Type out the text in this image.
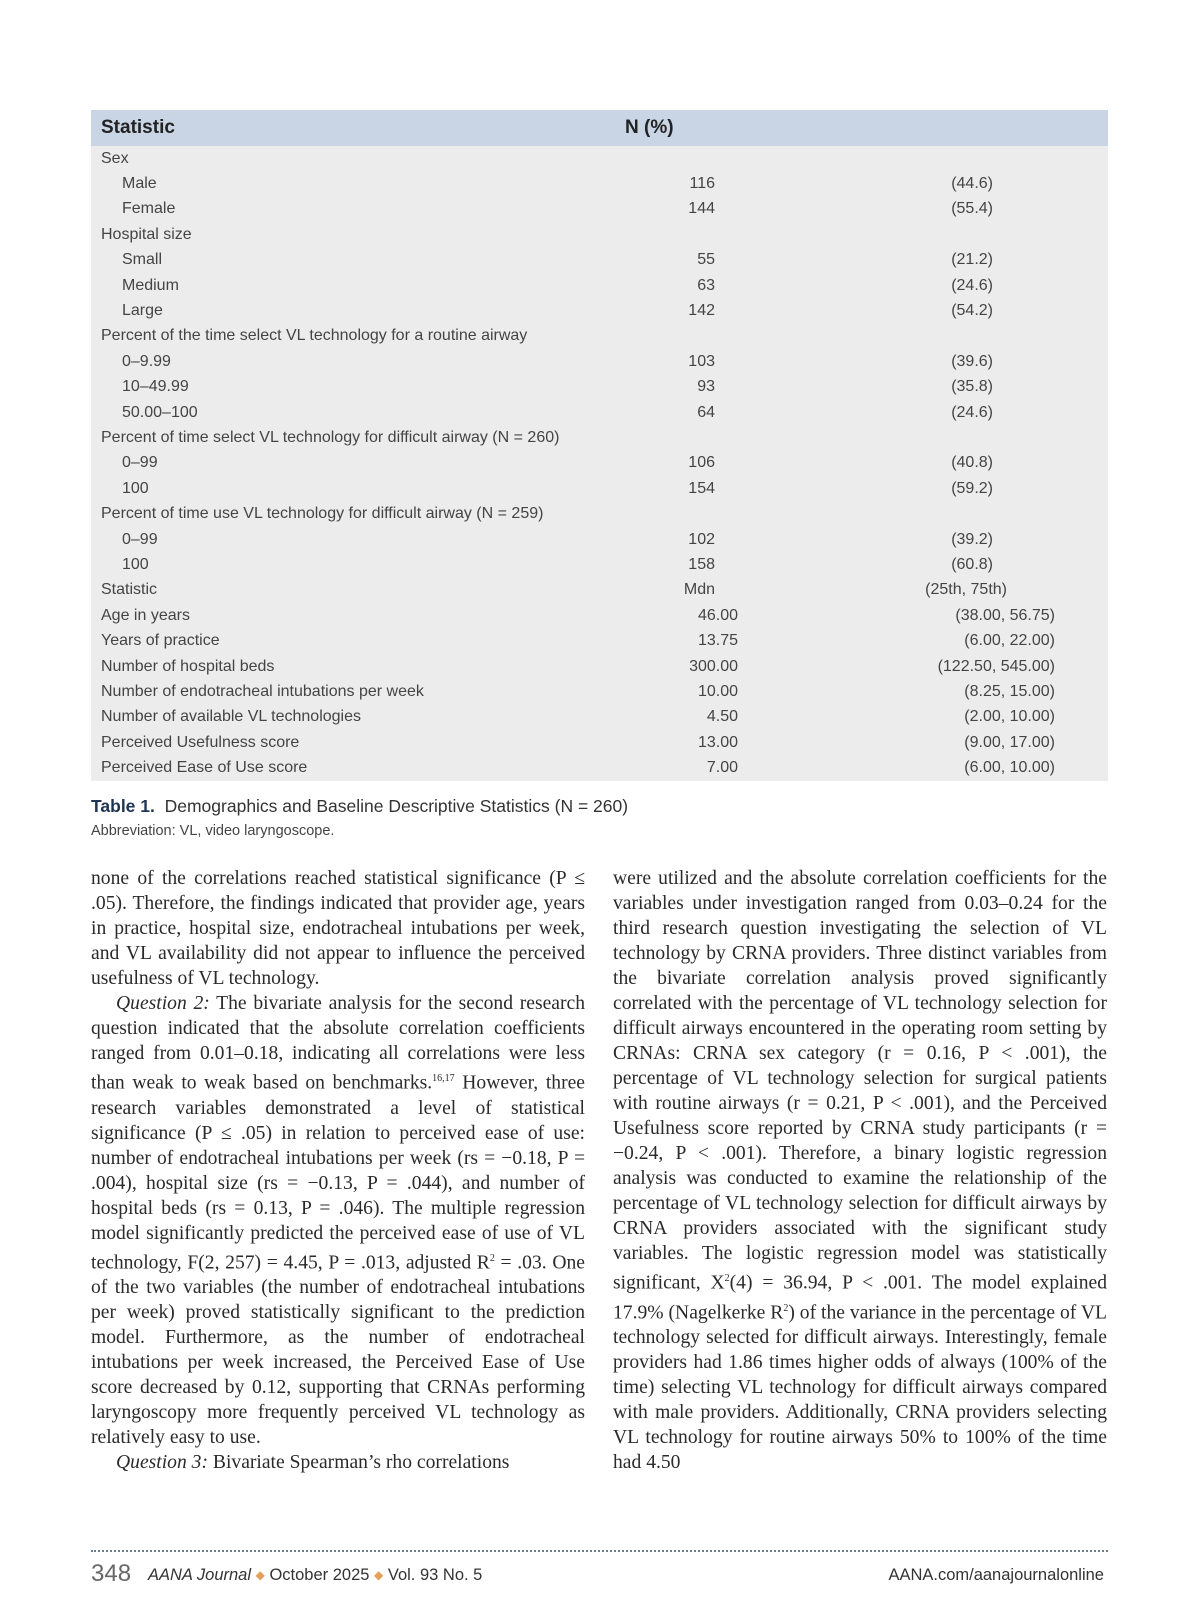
Statistic	N (%)		
Sex			
Male	116	(44.6)	
Female	144	(55.4)	
Hospital size			
Small	55	(21.2)	
Medium	63	(24.6)	
Large	142	(54.2)	
Percent of the time select VL technology for a routine airway			
0–9.99	103	(39.6)	
10–49.99	93	(35.8)	
50.00–100	64	(24.6)	
Percent of time select VL technology for difficult airway (N = 260)			
0–99	106	(40.8)	
100	154	(59.2)	
Percent of time use VL technology for difficult airway (N = 259)			
0–99	102	(39.2)	
100	158	(60.8)	
Statistic	Mdn	(25th, 75th)	
Age in years	46.00	(38.00, 56.75)	
Years of practice	13.75	(6.00, 22.00)	
Number of hospital beds	300.00	(122.50, 545.00)	
Number of endotracheal intubations per week	10.00	(8.25, 15.00)	
Number of available VL technologies	4.50	(2.00, 10.00)	
Perceived Usefulness score	13.00	(9.00, 17.00)	
Perceived Ease of Use score	7.00	(6.00, 10.00)	
Table 1. Demographics and Baseline Descriptive Statistics (N = 260)
Abbreviation: VL, video laryngoscope.

none of the correlations reached statistical significance (P ≤ .05). Therefore, the findings indicated that provider age, years in practice, hospital size, endotracheal intubations per week, and VL availability did not appear to influence the perceived usefulness of VL technology.

Question 2: The bivariate analysis for the second research question indicated that the absolute correlation coefficients ranged from 0.01–0.18, indicating all correlations were less than weak to weak based on benchmarks.$^{16,17}$ However, three research variables demonstrated a level of statistical significance (P ≤ .05) in relation to perceived ease of use: number of endotracheal intubations per week (rs = −0.18, P = .004), hospital size (rs = −0.13, P = .044), and number of hospital beds (rs = 0.13, P = .046). The multiple regression model significantly predicted the perceived ease of use of VL technology, F(2, 257) = 4.45, P = .013, adjusted $R^2 = .03$. One of the two variables (the number of endotracheal intubations per week) proved statistically significant to the prediction model. Furthermore, as the number of endotracheal intubations per week increased, the Perceived Ease of Use score decreased by 0.12, supporting that CRNAs performing laryngoscopy more frequently perceived VL technology as relatively easy to use.

Question 3: Bivariate Spearman’s rho correlations

were utilized and the absolute correlation coefficients for the variables under investigation ranged from 0.03–0.24 for the third research question investigating the selection of VL technology by CRNA providers. Three distinct variables from the bivariate correlation analysis proved significantly correlated with the percentage of VL technology selection for difficult airways encountered in the operating room setting by CRNAs: CRNA sex category (r = 0.16, P < .001), the percentage of VL technology selection for surgical patients with routine airways (r = 0.21, P < .001), and the Perceived Usefulness score reported by CRNA study participants (r = −0.24, P < .001). Therefore, a binary logistic regression analysis was conducted to examine the relationship of the percentage of VL technology selection for difficult airways by CRNA providers associated with the significant study variables. The logistic regression model was statistically significant, $X^2(4) = 36.94$, P < .001. The model explained 17.9% (Nagelkerke $R^2$) of the variance in the percentage of VL technology selected for difficult airways. Interestingly, female providers had 1.86 times higher odds of always (100% of the time) selecting VL technology for difficult airways compared with male providers. Additionally, CRNA providers selecting VL technology for routine airways 50% to 100% of the time had 4.50

348 AANA Journal ◆ October 2025 ◆ Vol. 93 No. 5	AANA.com/aanajournalonline
